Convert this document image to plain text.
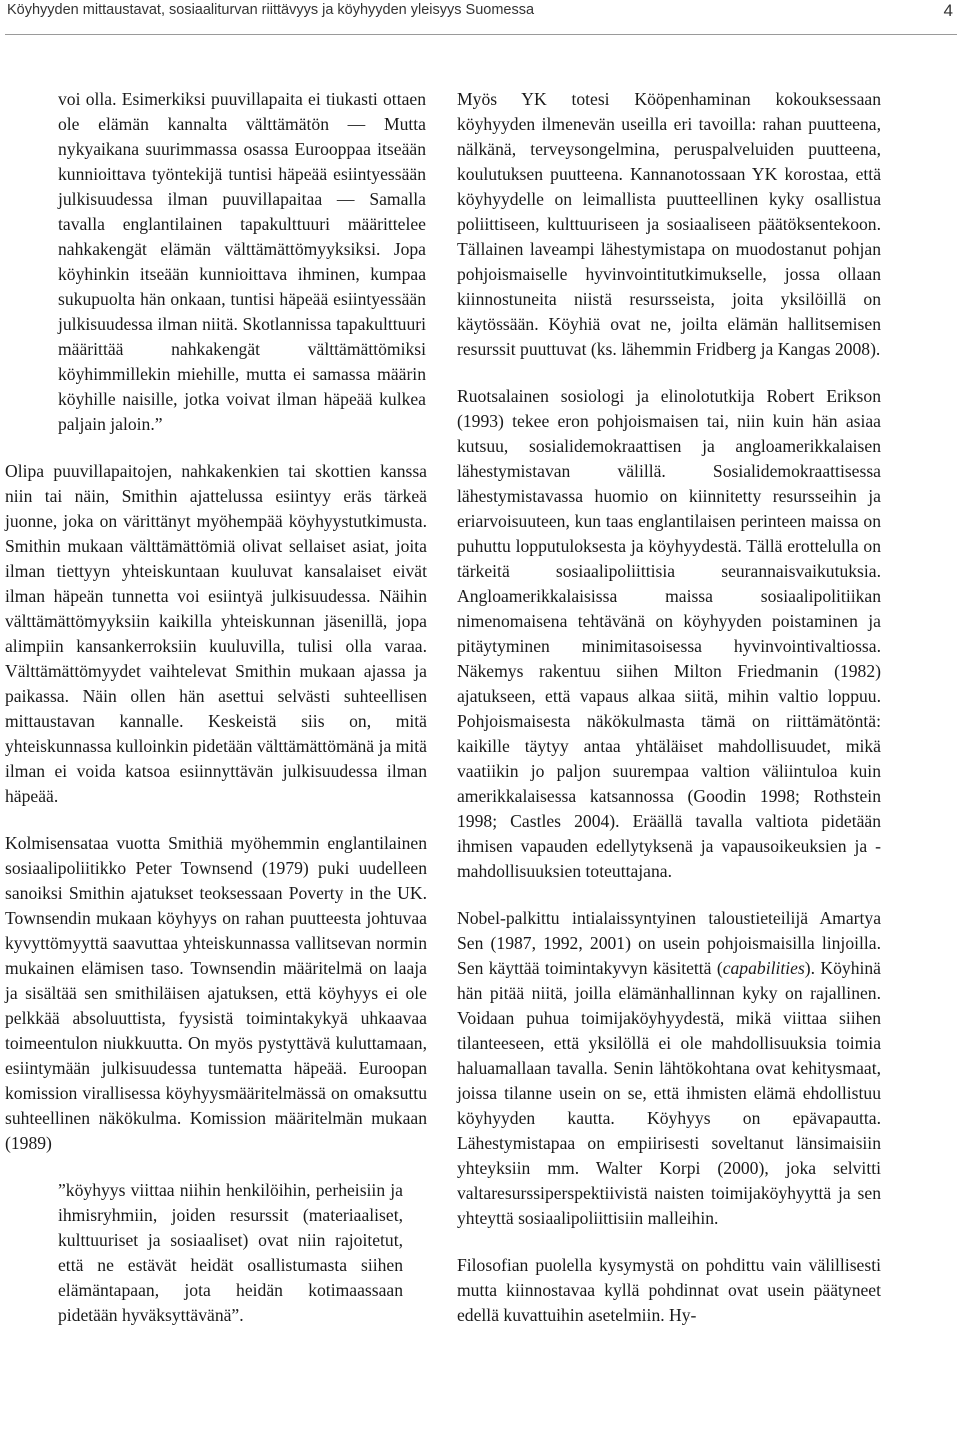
Köyhyyden mittaustavat, sosiaaliturvan riittävyys ja köyhyyden yleisyys Suomessa	4

voi olla. Esimerkiksi puuvillapaita ei tiukasti ottaen ole elämän kannalta välttämätön — Mutta nykyaikana suurimmassa osassa Eurooppaa itseään kunnioittava työntekijä tuntisi häpeää esiintyessään julkisuudessa ilman puuvillapaitaa — Samalla tavalla englantilainen tapakulttuuri määrittelee nahkakengät elämän välttämättömyyksiksi. Jopa köyhinkin itseään kunnioittava ihminen, kumpaa sukupuolta hän onkaan, tuntisi häpeää esiintyessään julkisuudessa ilman niitä. Skotlannissa tapakulttuuri määrittää nahkakengät välttämättömiksi köyhimmillekin miehille, mutta ei samassa määrin köyhille naisille, jotka voivat ilman häpeää kulkea paljain jaloin.”

Olipa puuvillapaitojen, nahkakenkien tai skottien kanssa niin tai näin, Smithin ajattelussa esiintyy eräs tärkeä juonne, joka on värittänyt myöhempää köyhyystutkimusta. Smithin mukaan välttämättömiä olivat sellaiset asiat, joita ilman tiettyyn yhteiskuntaan kuuluvat kansalaiset eivät ilman häpeän tunnetta voi esiintyä julkisuudessa. Näihin välttämättömyyksiin kaikilla yhteiskunnan jäsenillä, jopa alimpiin kansankerroksiin kuuluvilla, tulisi olla varaa. Välttämättömyydet vaihtelevat Smithin mukaan ajassa ja paikassa. Näin ollen hän asettui selvästi suhteellisen mittaustavan kannalle. Keskeistä siis on, mitä yhteiskunnassa kulloinkin pidetään välttämättömänä ja mitä ilman ei voida katsoa esiinnyttävän julkisuudessa ilman häpeää.

Kolmisensataa vuotta Smithiä myöhemmin englantilainen sosiaalipoliitikko Peter Townsend (1979) puki uudelleen sanoiksi Smithin ajatukset teoksessaan Poverty in the UK. Townsendin mukaan köyhyys on rahan puutteesta johtuvaa kyvyttömyyttä saavuttaa yhteiskunnassa vallitsevan normin mukainen elämisen taso. Townsendin määritelmä on laaja ja sisältää sen smithiläisen ajatuksen, että köyhyys ei ole pelkkää absoluuttista, fyysistä toimintakykyä uhkaavaa toimeentulon niukkuutta. On myös pystyttävä kuluttamaan, esiintymään julkisuudessa tuntematta häpeää. Euroopan komission virallisessa köyhyysmääritelmässä on omaksuttu suhteellinen näkökulma. Komission määritelmän mukaan (1989)

”köyhyys viittaa niihin henkilöihin, perheisiin ja ihmisryhmiin, joiden resurssit (materiaaliset, kulttuuriset ja sosiaaliset) ovat niin rajoitetut, että ne estävät heidät osallistumasta siihen elämäntapaan, jota heidän kotimaassaan pidetään hyväksyttävänä”.

Myös YK totesi Kööpenhaminan kokouksessaan köyhyyden ilmenevän useilla eri tavoilla: rahan puutteena, nälkänä, terveysongelmina, peruspalveluiden puutteena, koulutuksen puutteena. Kannanotossaan YK korostaa, että köyhyydelle on leimallista puutteellinen kyky osallistua poliittiseen, kulttuuriseen ja sosiaaliseen päätöksentekoon. Tällainen laveampi lähestymistapa on muodostanut pohjan pohjoismaiselle hyvinvointitutkimukselle, jossa ollaan kiinnostuneita niistä resursseista, joita yksilöillä on käytössään. Köyhiä ovat ne, joilta elämän hallitsemisen resurssit puuttuvat (ks. lähemmin Fridberg ja Kangas 2008).

Ruotsalainen sosiologi ja elinolotutkija Robert Erikson (1993) tekee eron pohjoismaisen tai, niin kuin hän asiaa kutsuu, sosialidemokraattisen ja angloamerikkalaisen lähestymistavan välillä. Sosialidemokraattisessa lähestymistavassa huomio on kiinnitetty resursseihin ja eriarvoisuuteen, kun taas englantilaisen perinteen maissa on puhuttu lopputuloksesta ja köyhyydestä. Tällä erottelulla on tärkeitä sosiaalipoliittisia seurannaisvaikutuksia. Angloamerikkalaisissa maissa sosiaalipolitiikan nimenomaisena tehtävänä on köyhyyden poistaminen ja pitäytyminen minimitasoisessa hyvinvointivaltiossa. Näkemys rakentuu siihen Milton Friedmanin (1982) ajatukseen, että vapaus alkaa siitä, mihin valtio loppuu. Pohjoismaisesta näkökulmasta tämä on riittämätöntä: kaikille täytyy antaa yhtäläiset mahdollisuudet, mikä vaatiikin jo paljon suurempaa valtion väliintuloa kuin amerikkalaisessa katsannossa (Goodin 1998; Rothstein 1998; Castles 2004). Eräällä tavalla valtiota pidetään ihmisen vapauden edellytyksenä ja vapausoikeuksien ja -mahdollisuuksien toteuttajana.

Nobel-palkittu intialaissyntyinen taloustieteilijä Amartya Sen (1987, 1992, 2001) on usein pohjoismaisilla linjoilla. Sen käyttää toimintakyvyn käsitettä (capabilities). Köyhinä hän pitää niitä, joilla elämänhallinnan kyky on rajallinen. Voidaan puhua toimijaköyhyydestä, mikä viittaa siihen tilanteeseen, että yksilöllä ei ole mahdollisuuksia toimia haluamallaan tavalla. Senin lähtökohtana ovat kehitysmaat, joissa tilanne usein on se, että ihmisten elämä ehdollistuu köyhyyden kautta. Köyhyys on epävapautta. Lähestymistapaa on empiirisesti soveltanut länsimaisiin yhteyksiin mm. Walter Korpi (2000), joka selvitti valtaresurssiperspektiivistä naisten toimijaköyhyyttä ja sen yhteyttä sosiaalipoliittisiin malleihin.

Filosofian puolella kysymystä on pohdittu vain välillisesti mutta kiinnostavaa kyllä pohdinnat ovat usein päätyneet edellä kuvattuihin asetelmiin. Hy-
